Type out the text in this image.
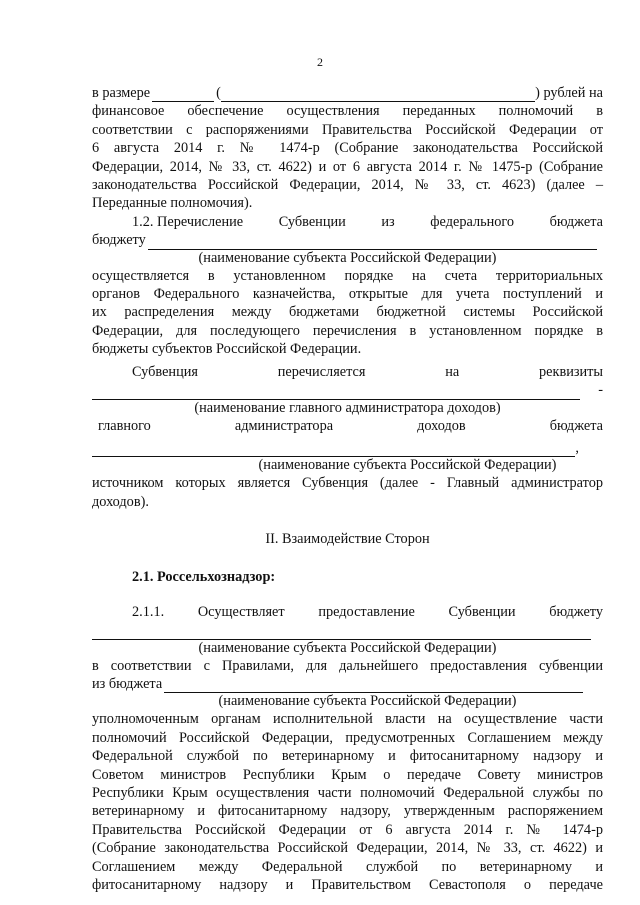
2
в размере	(	) рублей на

финансовое обеспечение осуществления переданных полномочий в

соответствии с распоряжениями Правительства Российской Федерации от

6 августа 2014 г. № 1474-р (Собрание законодательства Российской

Федерации, 2014, № 33, ст. 4622) и от 6 августа 2014 г. № 1475-р (Собрание

законодательства Российской Федерации, 2014, № 33, ст. 4623) (далее –

Переданные полномочия).

1.2. Перечисление Субвенции из федерального бюджета
бюджету

(наименование субъекта Российской Федерации)

осуществляется в установленном порядке на счета территориальных

органов Федерального казначейства, открытые для учета поступлений и

их распределения между бюджетами бюджетной системы Российской

Федерации, для последующего перечисления в установленном порядке в

бюджеты субъектов Российской Федерации.

Субвенция	перечисляется	на	реквизиты
-

(наименование главного администратора доходов)

главного	администратора	доходов	бюджета
,

(наименование субъекта Российской Федерации)

источником которых является Субвенция (далее - Главный администратор

доходов).

II. Взаимодействие Сторон

2.1. Россельхознадзор:

2.1.1. Осуществляет предоставление Субвенции бюджету

(наименование субъекта Российской Федерации)

в соответствии с Правилами, для дальнейшего предоставления субвенции

из бюджета

(наименование субъекта Российской Федерации)

уполномоченным органам исполнительной власти на осуществление части

полномочий Российской Федерации, предусмотренных Соглашением между

Федеральной службой по ветеринарному и фитосанитарному надзору и

Советом министров Республики Крым о передаче Совету министров

Республики Крым осуществления части полномочий Федеральной службы по

ветеринарному и фитосанитарному надзору, утвержденным распоряжением

Правительства Российской Федерации от 6 августа 2014 г. № 1474-р

(Собрание законодательства Российской Федерации, 2014, № 33, ст. 4622) и

Соглашением между Федеральной службой по ветеринарному и

фитосанитарному надзору и Правительством Севастополя о передаче
